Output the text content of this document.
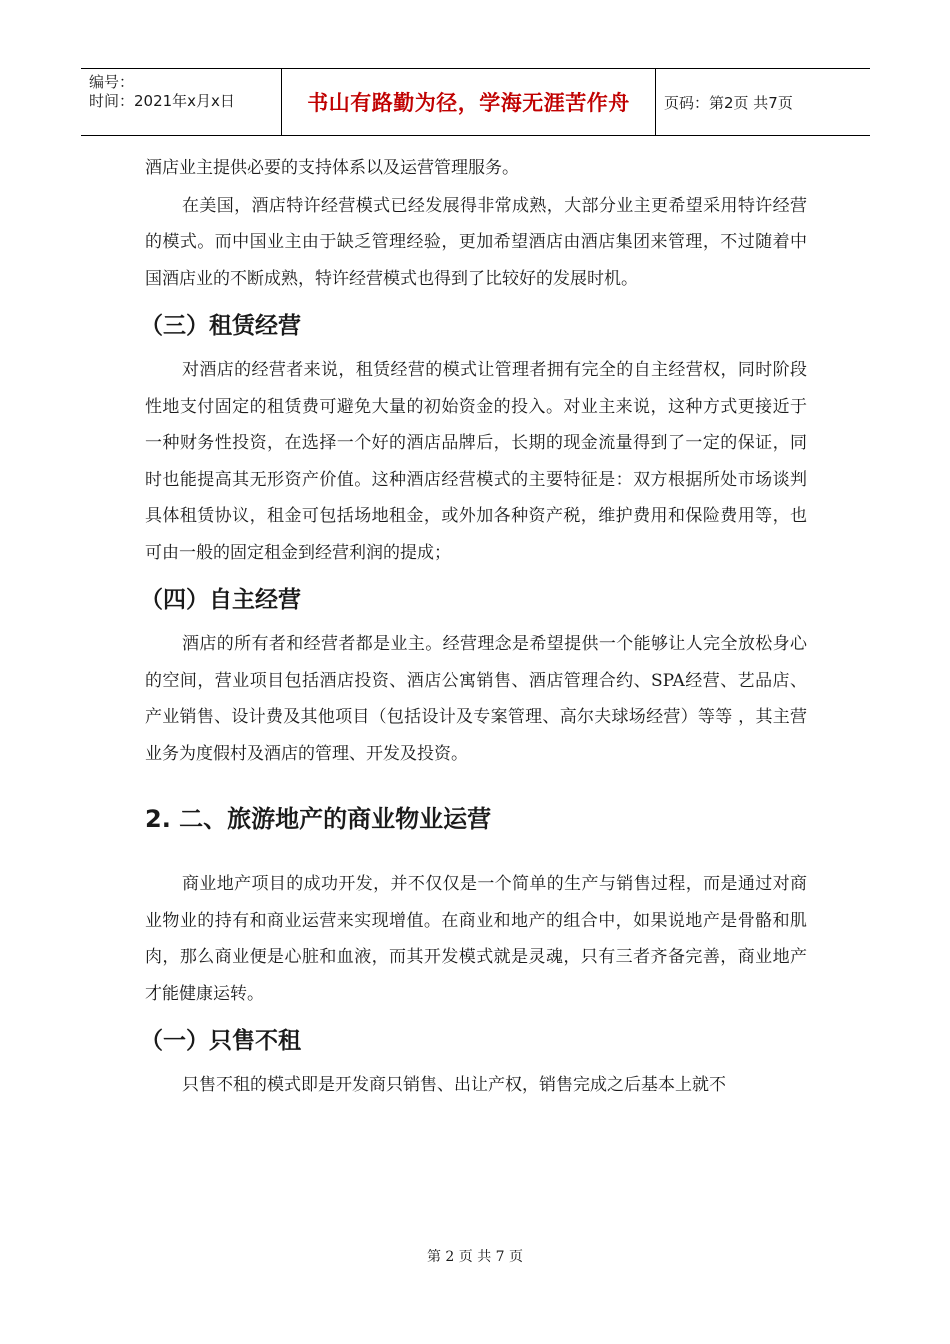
编号：
时间：2021年x月x日	书山有路勤为径，学海无涯苦作舟 页码：第2页 共7页

酒店业主提供必要的支持体系以及运营管理服务。

在美国，酒店特许经营模式已经发展得非常成熟，大部分业主更希望采用特许经营的模式。而中国业主由于缺乏管理经验，更加希望酒店由酒店集团来管理，不过随着中国酒店业的不断成熟，特许经营模式也得到了比较好的发展时机。

（三）租赁经营

对酒店的经营者来说，租赁经营的模式让管理者拥有完全的自主经营权，同时阶段性地支付固定的租赁费可避免大量的初始资金的投入。对业主来说，这种方式更接近于一种财务性投资，在选择一个好的酒店品牌后，长期的现金流量得到了一定的保证，同时也能提高其无形资产价值。这种酒店经营模式的主要特征是：双方根据所处市场谈判具体租赁协议，租金可包括场地租金，或外加各种资产税，维护费用和保险费用等，也可由一般的固定租金到经营利润的提成；

（四）自主经营

酒店的所有者和经营者都是业主。经营理念是希望提供一个能够让人完全放松身心的空间，营业项目包括酒店投资、酒店公寓销售、酒店管理合约、SPA经营、艺品店、产业销售、设计费及其他项目（包括设计及专案管理、高尔夫球场经营）等等 ，其主营业务为度假村及酒店的管理、开发及投资。

2. 二、旅游地产的商业物业运营

商业地产项目的成功开发，并不仅仅是一个简单的生产与销售过程，而是通过对商业物业的持有和商业运营来实现增值。在商业和地产的组合中，如果说地产是骨骼和肌肉，那么商业便是心脏和血液，而其开发模式就是灵魂，只有三者齐备完善，商业地产才能健康运转。

（一）只售不租

只售不租的模式即是开发商只销售、出让产权，销售完成之后基本上就不

第 2 页 共 7 页
